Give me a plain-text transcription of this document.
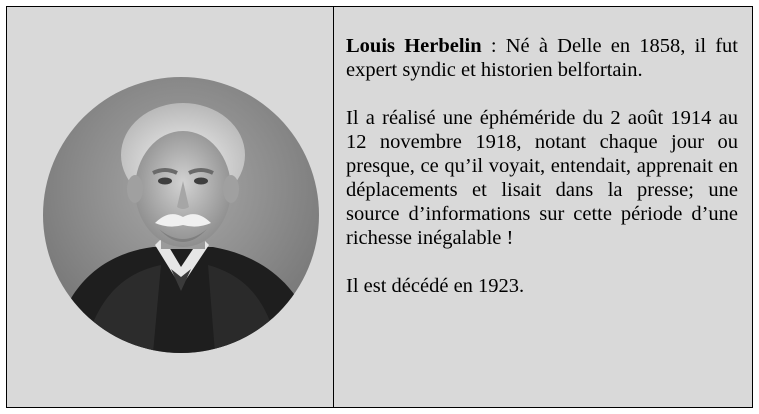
Louis Herbelin : Né à Delle en 1858, il fut expert syndic et historien belfortain.

Il a réalisé une éphéméride du 2 août 1914 au 12 novembre 1918, notant chaque jour ou presque, ce qu’il voyait, entendait, apprenait en déplacements et lisait dans la presse; une source d’informations sur cette période d’une richesse inégalable !

Il est décédé en 1923.
